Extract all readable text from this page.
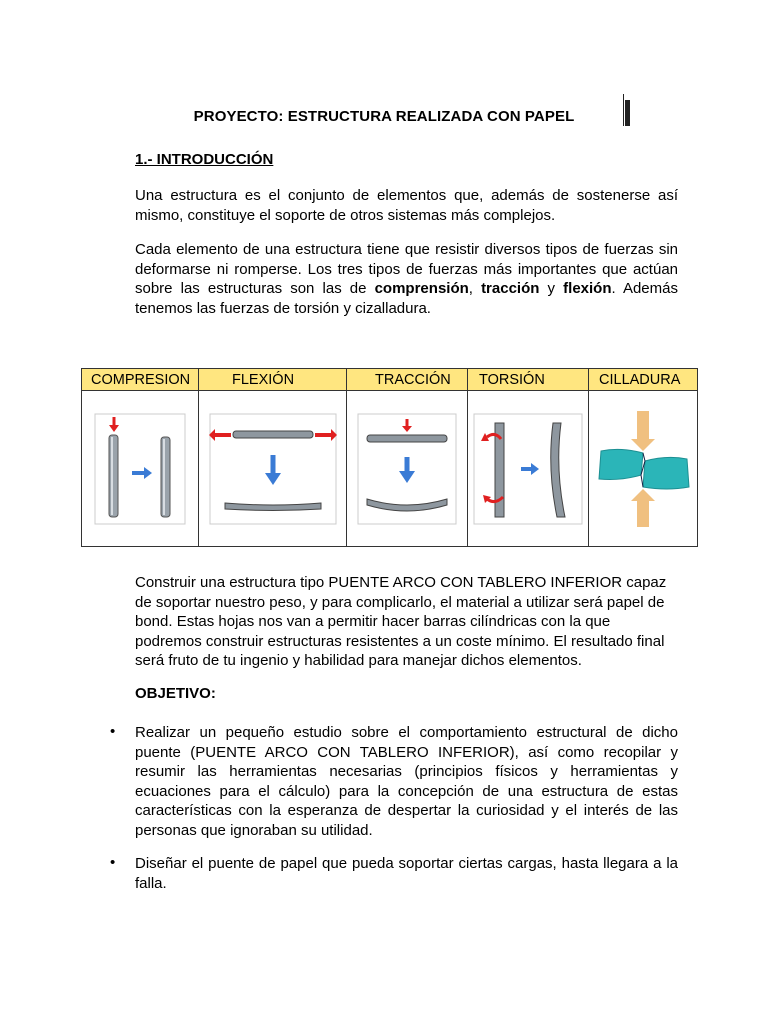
PROYECTO: ESTRUCTURA REALIZADA CON PAPEL
1.- INTRODUCCIÓN

Una estructura es el conjunto de elementos que, además de sostenerse así mismo, constituye el soporte de otros sistemas más complejos.

Cada elemento de una estructura tiene que resistir diversos tipos de fuerzas sin deformarse ni romperse. Los tres tipos de fuerzas más importantes que actúan sobre las estructuras son las de comprensión, tracción y flexión. Además tenemos las fuerzas de torsión y cizalladura.

COMPRESION	FLEXIÓN	TRACCIÓN	TORSIÓN	CILLADURA

Construir una estructura tipo PUENTE ARCO CON TABLERO INFERIOR capaz de soportar nuestro peso, y para complicarlo, el material a utilizar será papel de bond. Estas hojas nos van a permitir hacer barras cilíndricas con la que podremos construir estructuras resistentes a un coste mínimo. El resultado final será fruto de tu ingenio y habilidad para manejar dichos elementos.

OBJETIVO:
• Realizar un pequeño estudio sobre el comportamiento estructural de dicho puente (PUENTE ARCO CON TABLERO INFERIOR), así como recopilar y resumir las herramientas necesarias (principios físicos y herramientas y ecuaciones para el cálculo) para la concepción de una estructura de estas características con la esperanza de despertar la curiosidad y el interés de las personas que ignoraban su utilidad.

• Diseñar el puente de papel que pueda soportar ciertas cargas, hasta llegara a la falla.
